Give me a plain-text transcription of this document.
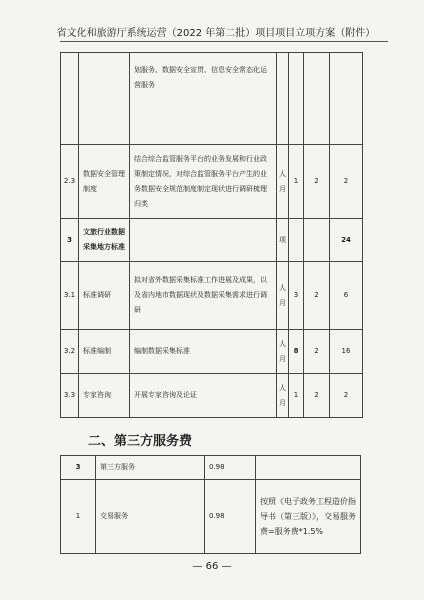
省文化和旅游厅系统运营（2022 年第二批）项目项目立项方案（附件）
		划服务、数据安全宣贯、信息安全常态化运营服务				
2.3	数据安全管理制度	结合综合监管服务平台的业务发展和行业政策制定情况，对综合监管服务平台产生的业务数据安全规范制度制定现状进行调研梳理归类	人月	1	2	2
3	文旅行业数据采集地方标准		项			24
3.1	标准调研	拟对省外数据采集标准工作进展及成果，以及省内地市数据现状及数据采集需求进行调研	人月	3	2	6
3.2	标准编制	编制数据采集标准	人月	8	2	16
3.3	专家咨询	开展专家咨询及论证	人月	1	2	2
二、第三方服务费
3	第三方服务	0.98	
1	交易服务	0.98	按照《电子政务工程造价指导书（第三版）》，交易服务费=服务费*1.5%
— 66 —
